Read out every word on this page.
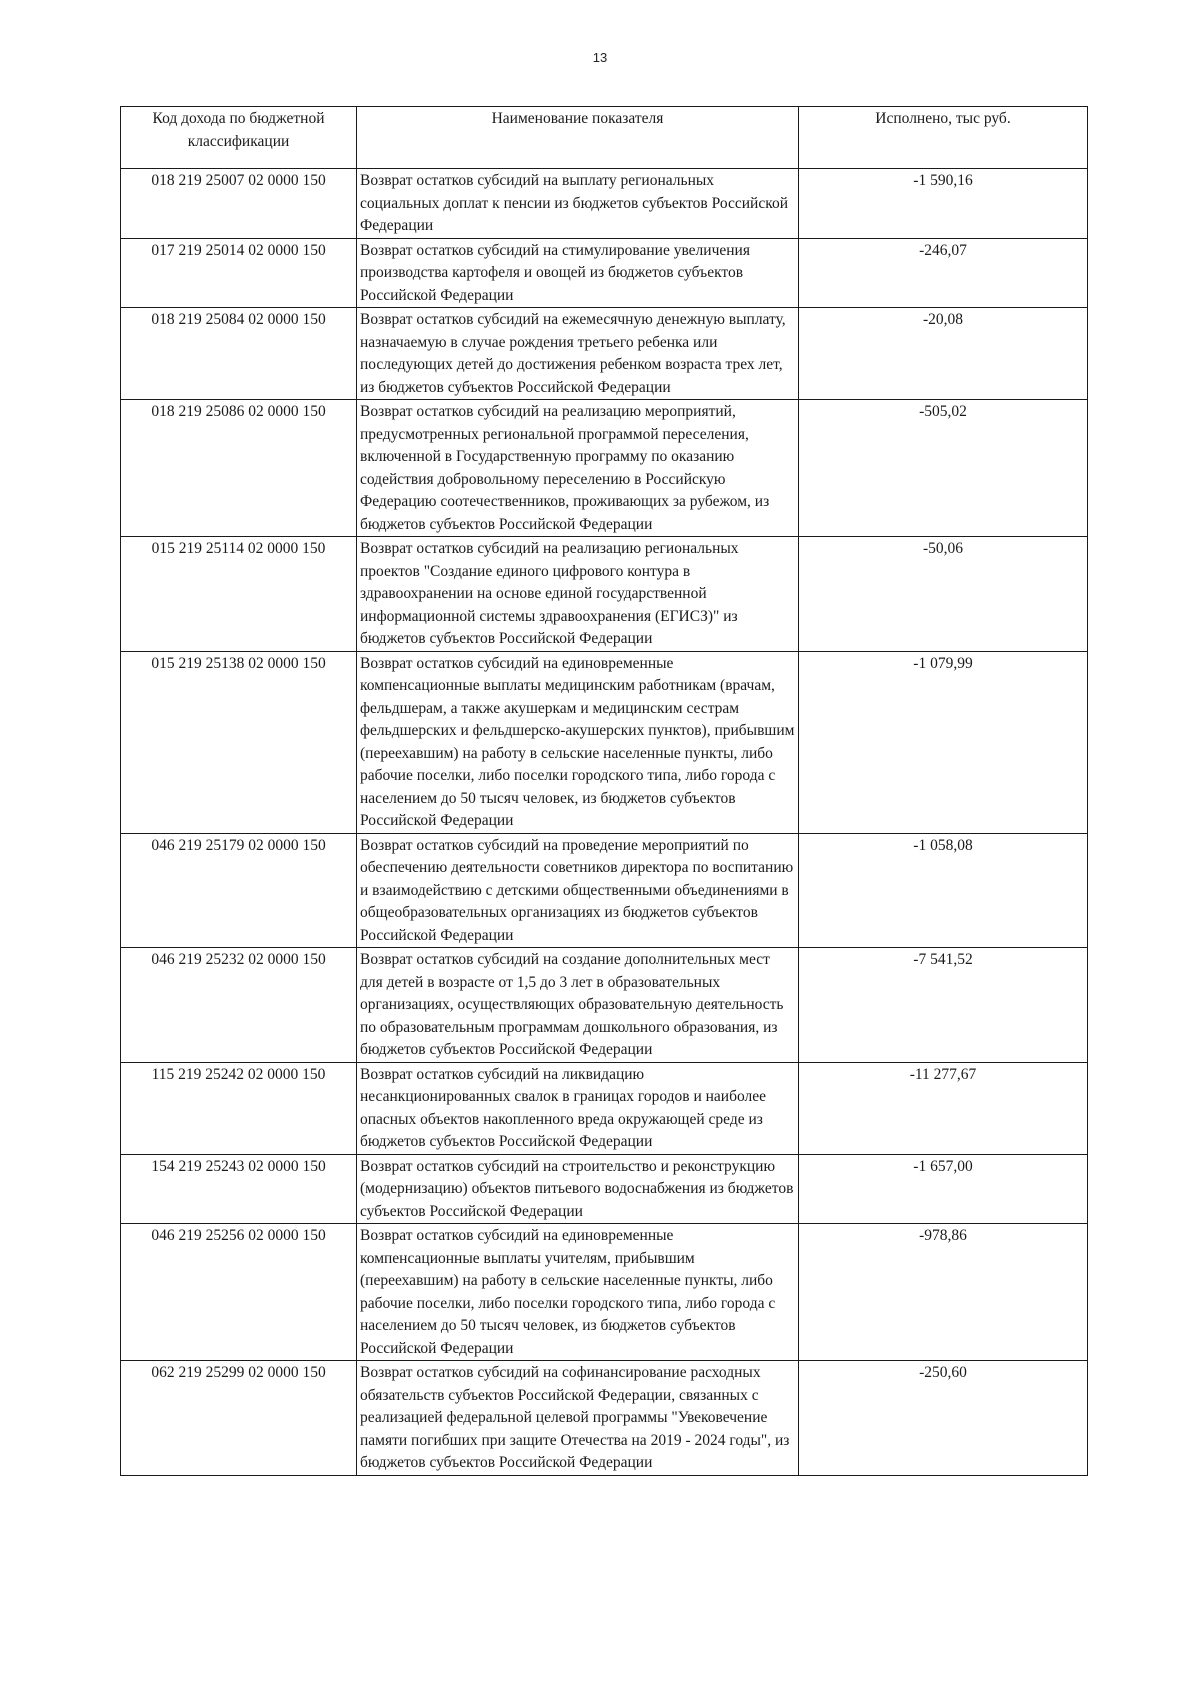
13
Код дохода по бюджетной классификации	Наименование показателя	Исполнено, тыс руб.
018 219 25007 02 0000 150	Возврат остатков субсидий на выплату региональных социальных доплат к пенсии из бюджетов субъектов Российской Федерации	-1 590,16
017 219 25014 02 0000 150	Возврат остатков субсидий на стимулирование увеличения производства картофеля и овощей из бюджетов субъектов Российской Федерации	-246,07
018 219 25084 02 0000 150	Возврат остатков субсидий на ежемесячную денежную выплату, назначаемую в случае рождения третьего ребенка или последующих детей до достижения ребенком возраста трех лет, из бюджетов субъектов Российской Федерации	-20,08
018 219 25086 02 0000 150	Возврат остатков субсидий на реализацию мероприятий, предусмотренных региональной программой переселения, включенной в Государственную программу по оказанию содействия добровольному переселению в Российскую Федерацию соотечественников, проживающих за рубежом, из бюджетов субъектов Российской Федерации	-505,02
015 219 25114 02 0000 150	Возврат остатков субсидий на реализацию региональных проектов "Создание единого цифрового контура в здравоохранении на основе единой государственной информационной системы здравоохранения (ЕГИСЗ)" из бюджетов субъектов Российской Федерации	-50,06
015 219 25138 02 0000 150	Возврат остатков субсидий на единовременные компенсационные выплаты медицинским работникам (врачам, фельдшерам, а также акушеркам и медицинским сестрам фельдшерских и фельдшерско-акушерских пунктов), прибывшим (переехавшим) на работу в сельские населенные пункты, либо рабочие поселки, либо поселки городского типа, либо города с населением до 50 тысяч человек, из бюджетов субъектов Российской Федерации	-1 079,99
046 219 25179 02 0000 150	Возврат остатков субсидий на проведение мероприятий по обеспечению деятельности советников директора по воспитанию и взаимодействию с детскими общественными объединениями в общеобразовательных организациях из бюджетов субъектов Российской Федерации	-1 058,08
046 219 25232 02 0000 150	Возврат остатков субсидий на создание дополнительных мест для детей в возрасте от 1,5 до 3 лет в образовательных организациях, осуществляющих образовательную деятельность по образовательным программам дошкольного образования, из бюджетов субъектов Российской Федерации	-7 541,52
115 219 25242 02 0000 150	Возврат остатков субсидий на ликвидацию несанкционированных свалок в границах городов и наиболее опасных объектов накопленного вреда окружающей среде из бюджетов субъектов Российской Федерации	-11 277,67
154 219 25243 02 0000 150	Возврат остатков субсидий на строительство и реконструкцию (модернизацию) объектов питьевого водоснабжения из бюджетов субъектов Российской Федерации	-1 657,00
046 219 25256 02 0000 150	Возврат остатков субсидий на единовременные компенсационные выплаты учителям, прибывшим (переехавшим) на работу в сельские населенные пункты, либо рабочие поселки, либо поселки городского типа, либо города с населением до 50 тысяч человек, из бюджетов субъектов Российской Федерации	-978,86
062 219 25299 02 0000 150	Возврат остатков субсидий на софинансирование расходных обязательств субъектов Российской Федерации, связанных с реализацией федеральной целевой программы "Увековечение памяти погибших при защите Отечества на 2019 - 2024 годы", из бюджетов субъектов Российской Федерации	-250,60
